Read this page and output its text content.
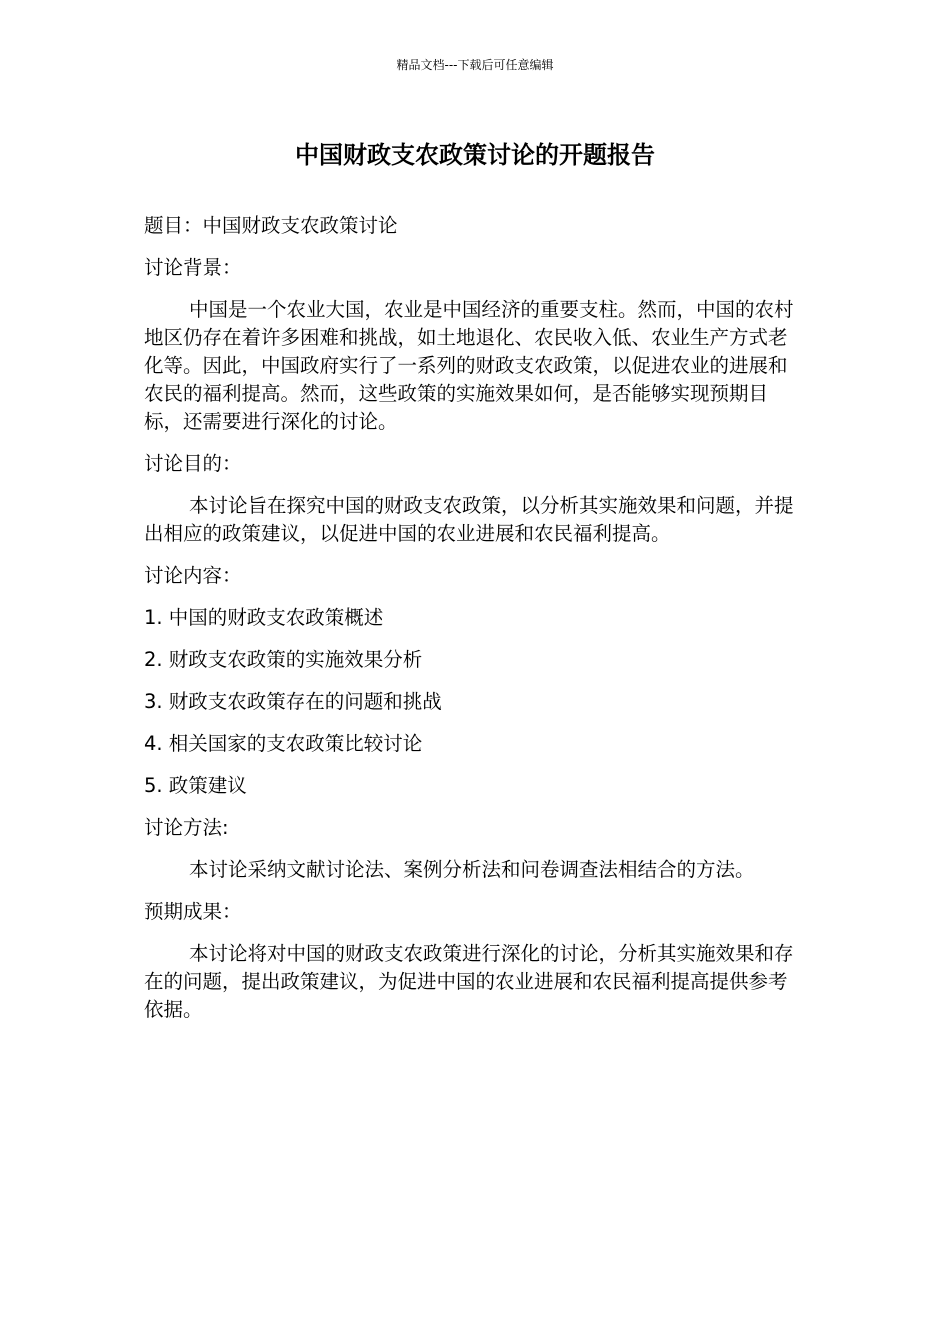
精品文档---下载后可任意编辑
中国财政支农政策讨论的开题报告

题目：中国财政支农政策讨论

讨论背景：

中国是一个农业大国，农业是中国经济的重要支柱。然而，中国的农村地区仍存在着许多困难和挑战，如土地退化、农民收入低、农业生产方式老化等。因此，中国政府实行了一系列的财政支农政策，以促进农业的进展和农民的福利提高。然而，这些政策的实施效果如何，是否能够实现预期目标，还需要进行深化的讨论。

讨论目的：

本讨论旨在探究中国的财政支农政策，以分析其实施效果和问题，并提出相应的政策建议，以促进中国的农业进展和农民福利提高。

讨论内容：

1. 中国的财政支农政策概述

2. 财政支农政策的实施效果分析

3. 财政支农政策存在的问题和挑战

4. 相关国家的支农政策比较讨论

5. 政策建议

讨论方法:

本讨论采纳文献讨论法、案例分析法和问卷调查法相结合的方法。

预期成果：

本讨论将对中国的财政支农政策进行深化的讨论，分析其实施效果和存在的问题，提出政策建议，为促进中国的农业进展和农民福利提高提供参考依据。
